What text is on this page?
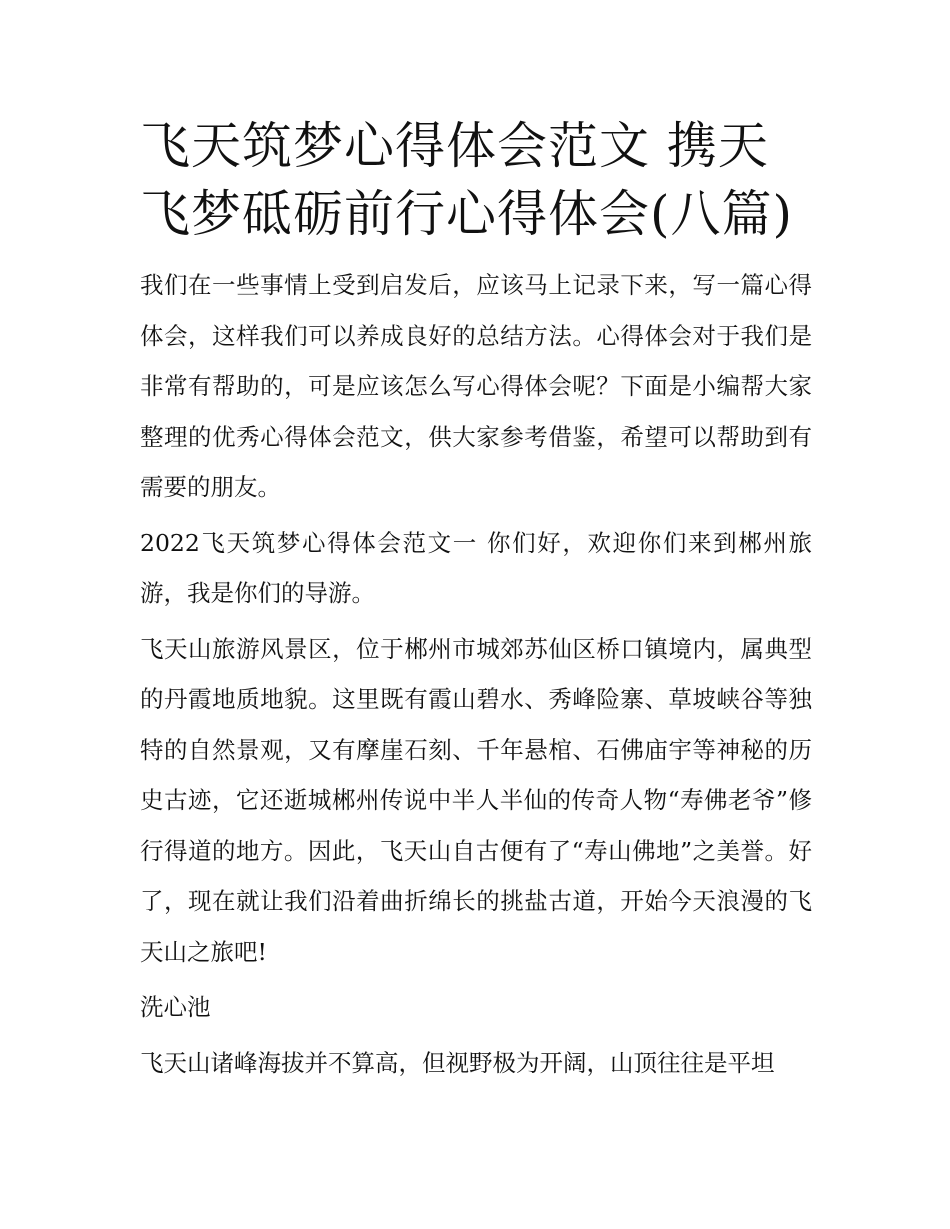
飞天筑梦心得体会范文 携天飞梦砥砺前行心得体会(八篇)

我们在一些事情上受到启发后，应该马上记录下来，写一篇心得体会，这样我们可以养成良好的总结方法。心得体会对于我们是非常有帮助的，可是应该怎么写心得体会呢？下面是小编帮大家整理的优秀心得体会范文，供大家参考借鉴，希望可以帮助到有需要的朋友。

2022飞天筑梦心得体会范文一 你们好，欢迎你们来到郴州旅游，我是你们的导游。

飞天山旅游风景区，位于郴州市城郊苏仙区桥口镇境内，属典型的丹霞地质地貌。这里既有霞山碧水、秀峰险寨、草坡峡谷等独特的自然景观，又有摩崖石刻、千年悬棺、石佛庙宇等神秘的历史古迹，它还逝城郴州传说中半人半仙的传奇人物“寿佛老爷”修行得道的地方。因此，飞天山自古便有了“寿山佛地”之美誉。好了，现在就让我们沿着曲折绵长的挑盐古道，开始今天浪漫的飞天山之旅吧!

洗心池

飞天山诸峰海拔并不算高，但视野极为开阔，山顶往往是平坦
